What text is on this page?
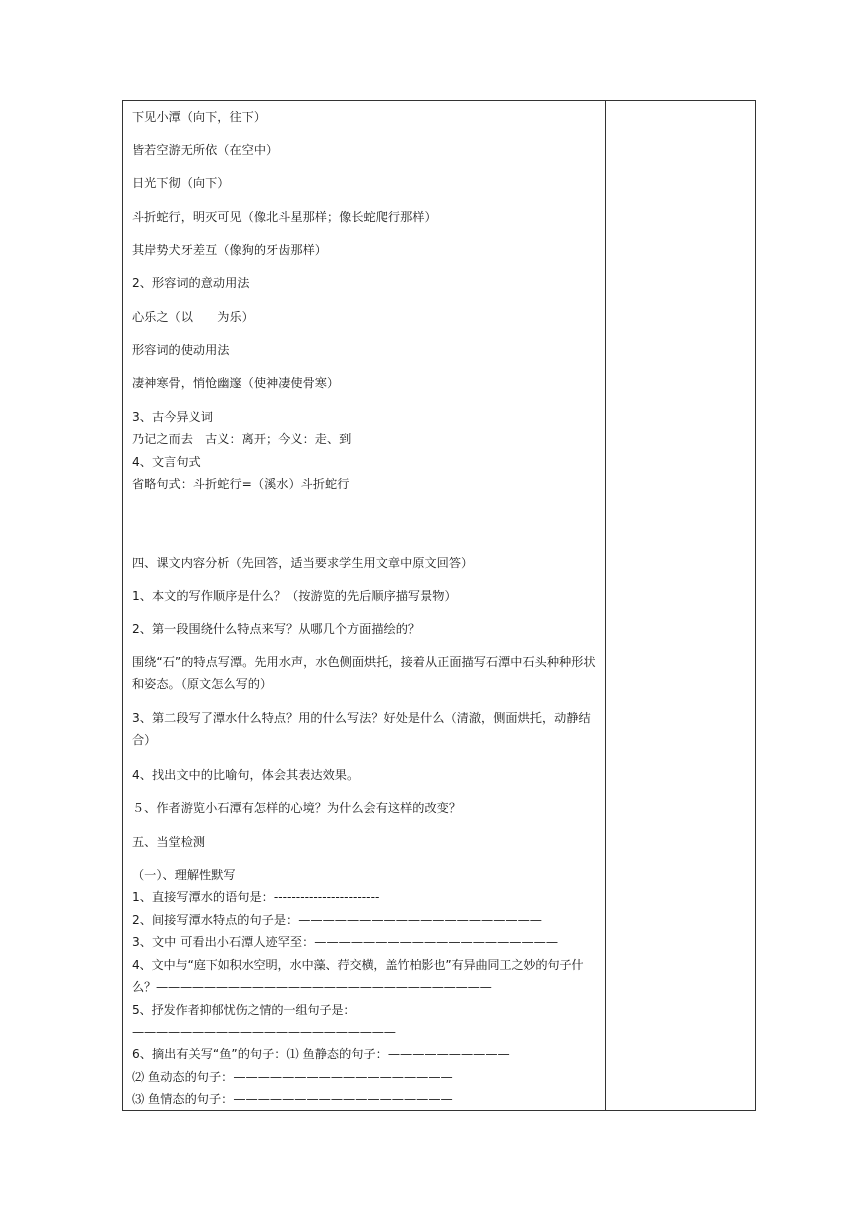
下见小潭（向下，往下）
皆若空游无所依（在空中）
日光下彻（向下）
斗折蛇行，明灭可见（像北斗星那样；像长蛇爬行那样）
其岸势犬牙差互（像狗的牙齿那样）
2、形容词的意动用法
心乐之（以　　为乐）
形容词的使动用法
凄神寒骨，悄怆幽邃（使神凄使骨寒）
3、古今异义词
乃记之而去　古义：离开；今义：走、到
4、文言句式
省略句式：斗折蛇行=（溪水）斗折蛇行
四、课文内容分析（先回答，适当要求学生用文章中原文回答）
1、本文的写作顺序是什么？（按游览的先后顺序描写景物）
2、第一段围绕什么特点来写？从哪几个方面描绘的？
围绕“石”的特点写潭。先用水声，水色侧面烘托，接着从正面描写石潭中石头种种形状和姿态。（原文怎么写的）
3、第二段写了潭水什么特点？用的什么写法？好处是什么（清澈，侧面烘托，动静结合）
4、找出文中的比喻句，体会其表达效果。
５、作者游览小石潭有怎样的心境？为什么会有这样的改变？
五、当堂检测
（一）、理解性默写
1、直接写潭水的语句是：------------------------
2、间接写潭水特点的句子是：————————————————————
3、文中 可看出小石潭人迹罕至：————————————————————
4、文中与“庭下如积水空明，水中藻、荇交横，盖竹柏影也”有异曲同工之妙的句子什么？————————————————————————————
5、抒发作者抑郁忧伤之情的一组句子是：——————————————————————
6、摘出有关写“鱼”的句子：⑴ 鱼静态的句子：——————————
⑵ 鱼动态的句子：——————————————————
⑶ 鱼情态的句子：——————————————————
